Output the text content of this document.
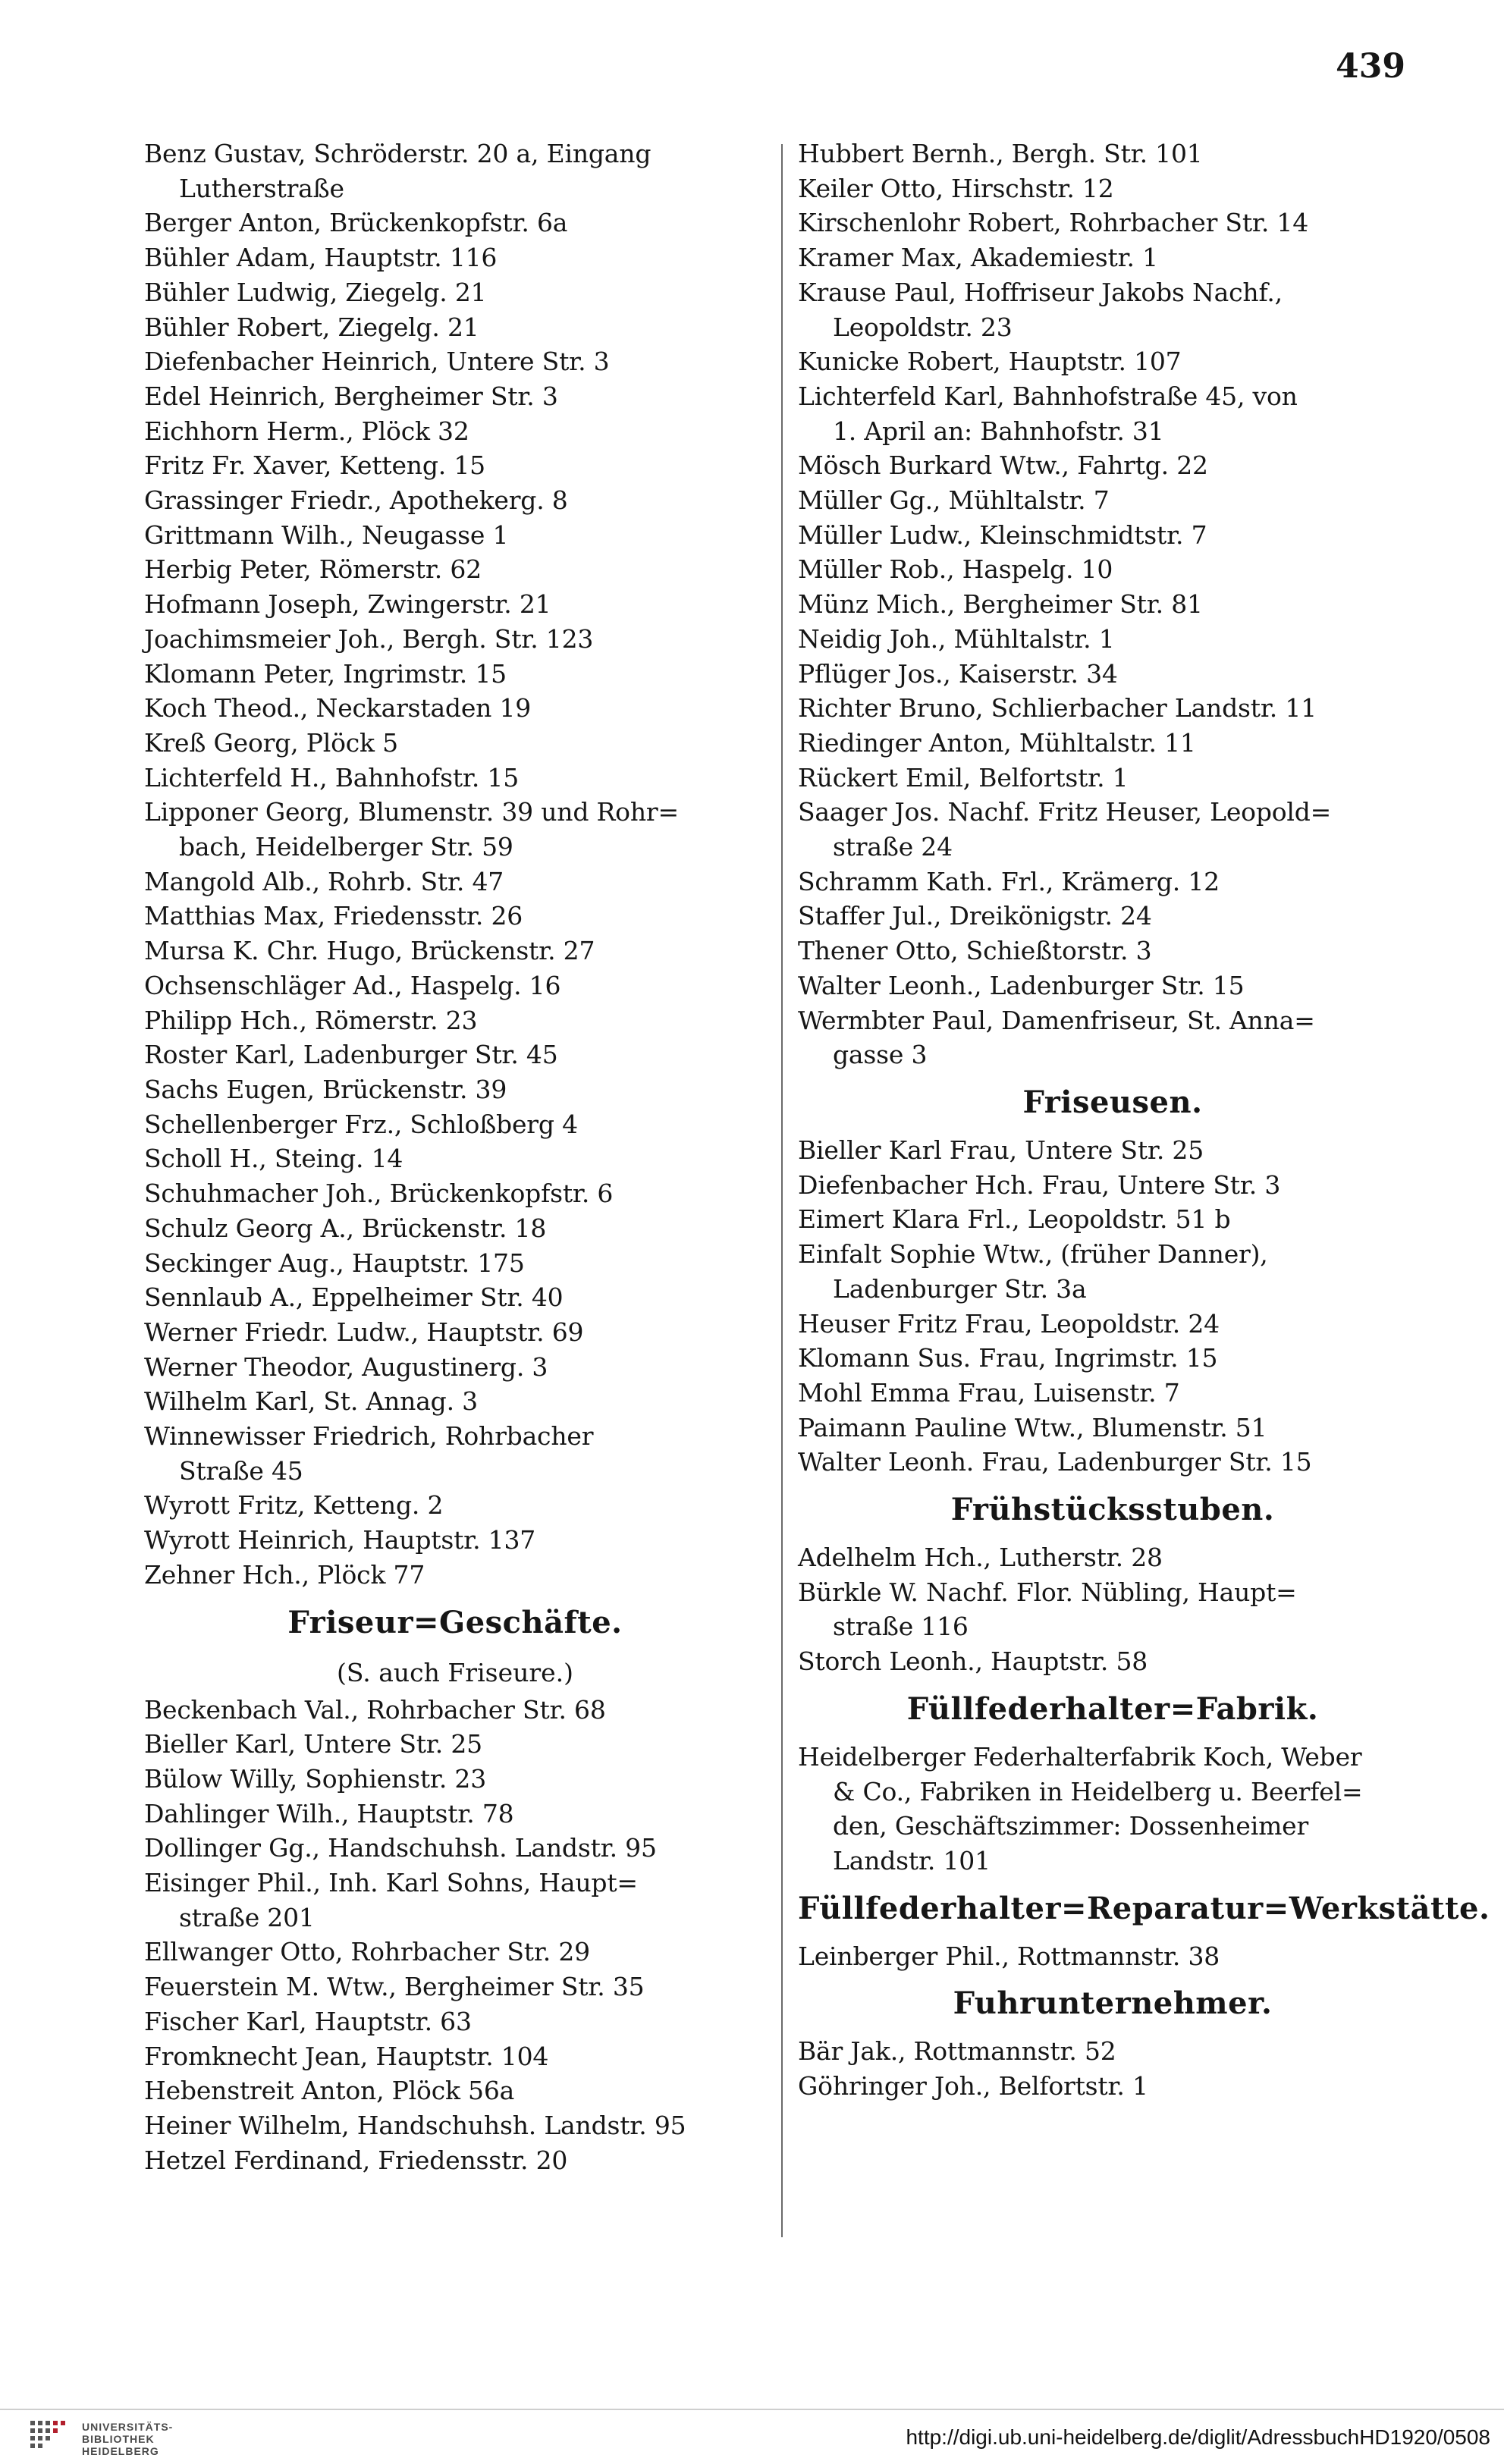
439
Benz Gustav, Schröderstr. 20 a, Eingang
Lutherstraße
Berger Anton, Brückenkopfstr. 6a
Bühler Adam, Hauptstr. 116
Bühler Ludwig, Ziegelg. 21
Bühler Robert, Ziegelg. 21
Diefenbacher Heinrich, Untere Str. 3
Edel Heinrich, Bergheimer Str. 3
Eichhorn Herm., Plöck 32
Fritz Fr. Xaver, Ketteng. 15
Grassinger Friedr., Apothekerg. 8
Grittmann Wilh., Neugasse 1
Herbig Peter, Römerstr. 62
Hofmann Joseph, Zwingerstr. 21
Joachimsmeier Joh., Bergh. Str. 123
Klomann Peter, Ingrimstr. 15
Koch Theod., Neckarstaden 19
Kreß Georg, Plöck 5
Lichterfeld H., Bahnhofstr. 15
Lipponer Georg, Blumenstr. 39 und Rohr=
bach, Heidelberger Str. 59
Mangold Alb., Rohrb. Str. 47
Matthias Max, Friedensstr. 26
Mursa K. Chr. Hugo, Brückenstr. 27
Ochsenschläger Ad., Haspelg. 16
Philipp Hch., Römerstr. 23
Roster Karl, Ladenburger Str. 45
Sachs Eugen, Brückenstr. 39
Schellenberger Frz., Schloßberg 4
Scholl H., Steing. 14
Schuhmacher Joh., Brückenkopfstr. 6
Schulz Georg A., Brückenstr. 18
Seckinger Aug., Hauptstr. 175
Sennlaub A., Eppelheimer Str. 40
Werner Friedr. Ludw., Hauptstr. 69
Werner Theodor, Augustinerg. 3
Wilhelm Karl, St. Annag. 3
Winnewisser Friedrich, Rohrbacher
Straße 45
Wyrott Fritz, Ketteng. 2
Wyrott Heinrich, Hauptstr. 137
Zehner Hch., Plöck 77
Friseur=Geschäfte.
(S. auch Friseure.)
Beckenbach Val., Rohrbacher Str. 68
Bieller Karl, Untere Str. 25
Bülow Willy, Sophienstr. 23
Dahlinger Wilh., Hauptstr. 78
Dollinger Gg., Handschuhsh. Landstr. 95
Eisinger Phil., Inh. Karl Sohns, Haupt=
straße 201
Ellwanger Otto, Rohrbacher Str. 29
Feuerstein M. Wtw., Bergheimer Str. 35
Fischer Karl, Hauptstr. 63
Fromknecht Jean, Hauptstr. 104
Hebenstreit Anton, Plöck 56a
Heiner Wilhelm, Handschuhsh. Landstr. 95
Hetzel Ferdinand, Friedensstr. 20
Hubbert Bernh., Bergh. Str. 101
Keiler Otto, Hirschstr. 12
Kirschenlohr Robert, Rohrbacher Str. 14
Kramer Max, Akademiestr. 1
Krause Paul, Hoffriseur Jakobs Nachf.,
Leopoldstr. 23
Kunicke Robert, Hauptstr. 107
Lichterfeld Karl, Bahnhofstraße 45, von
1. April an: Bahnhofstr. 31
Mösch Burkard Wtw., Fahrtg. 22
Müller Gg., Mühltalstr. 7
Müller Ludw., Kleinschmidtstr. 7
Müller Rob., Haspelg. 10
Münz Mich., Bergheimer Str. 81
Neidig Joh., Mühltalstr. 1
Pflüger Jos., Kaiserstr. 34
Richter Bruno, Schlierbacher Landstr. 11
Riedinger Anton, Mühltalstr. 11
Rückert Emil, Belfortstr. 1
Saager Jos. Nachf. Fritz Heuser, Leopold=
straße 24
Schramm Kath. Frl., Krämerg. 12
Staffer Jul., Dreikönigstr. 24
Thener Otto, Schießtorstr. 3
Walter Leonh., Ladenburger Str. 15
Wermbter Paul, Damenfriseur, St. Anna=
gasse 3
Friseusen.
Bieller Karl Frau, Untere Str. 25
Diefenbacher Hch. Frau, Untere Str. 3
Eimert Klara Frl., Leopoldstr. 51 b
Einfalt Sophie Wtw., (früher Danner),
Ladenburger Str. 3a
Heuser Fritz Frau, Leopoldstr. 24
Klomann Sus. Frau, Ingrimstr. 15
Mohl Emma Frau, Luisenstr. 7
Paimann Pauline Wtw., Blumenstr. 51
Walter Leonh. Frau, Ladenburger Str. 15
Frühstücksstuben.
Adelhelm Hch., Lutherstr. 28
Bürkle W. Nachf. Flor. Nübling, Haupt=
straße 116
Storch Leonh., Hauptstr. 58
Füllfederhalter=Fabrik.
Heidelberger Federhalterfabrik Koch, Weber
& Co., Fabriken in Heidelberg u. Beerfel=
den, Geschäftszimmer: Dossenheimer
Landstr. 101
Füllfederhalter=Reparatur=Werkstätte.
Leinberger Phil., Rottmannstr. 38
Fuhrunternehmer.
Bär Jak., Rottmannstr. 52
Göhringer Joh., Belfortstr. 1
UNIVERSITÄTS-
BIBLIOTHEK
HEIDELBERG
http://digi.ub.uni-heidelberg.de/diglit/AdressbuchHD1920/0508
